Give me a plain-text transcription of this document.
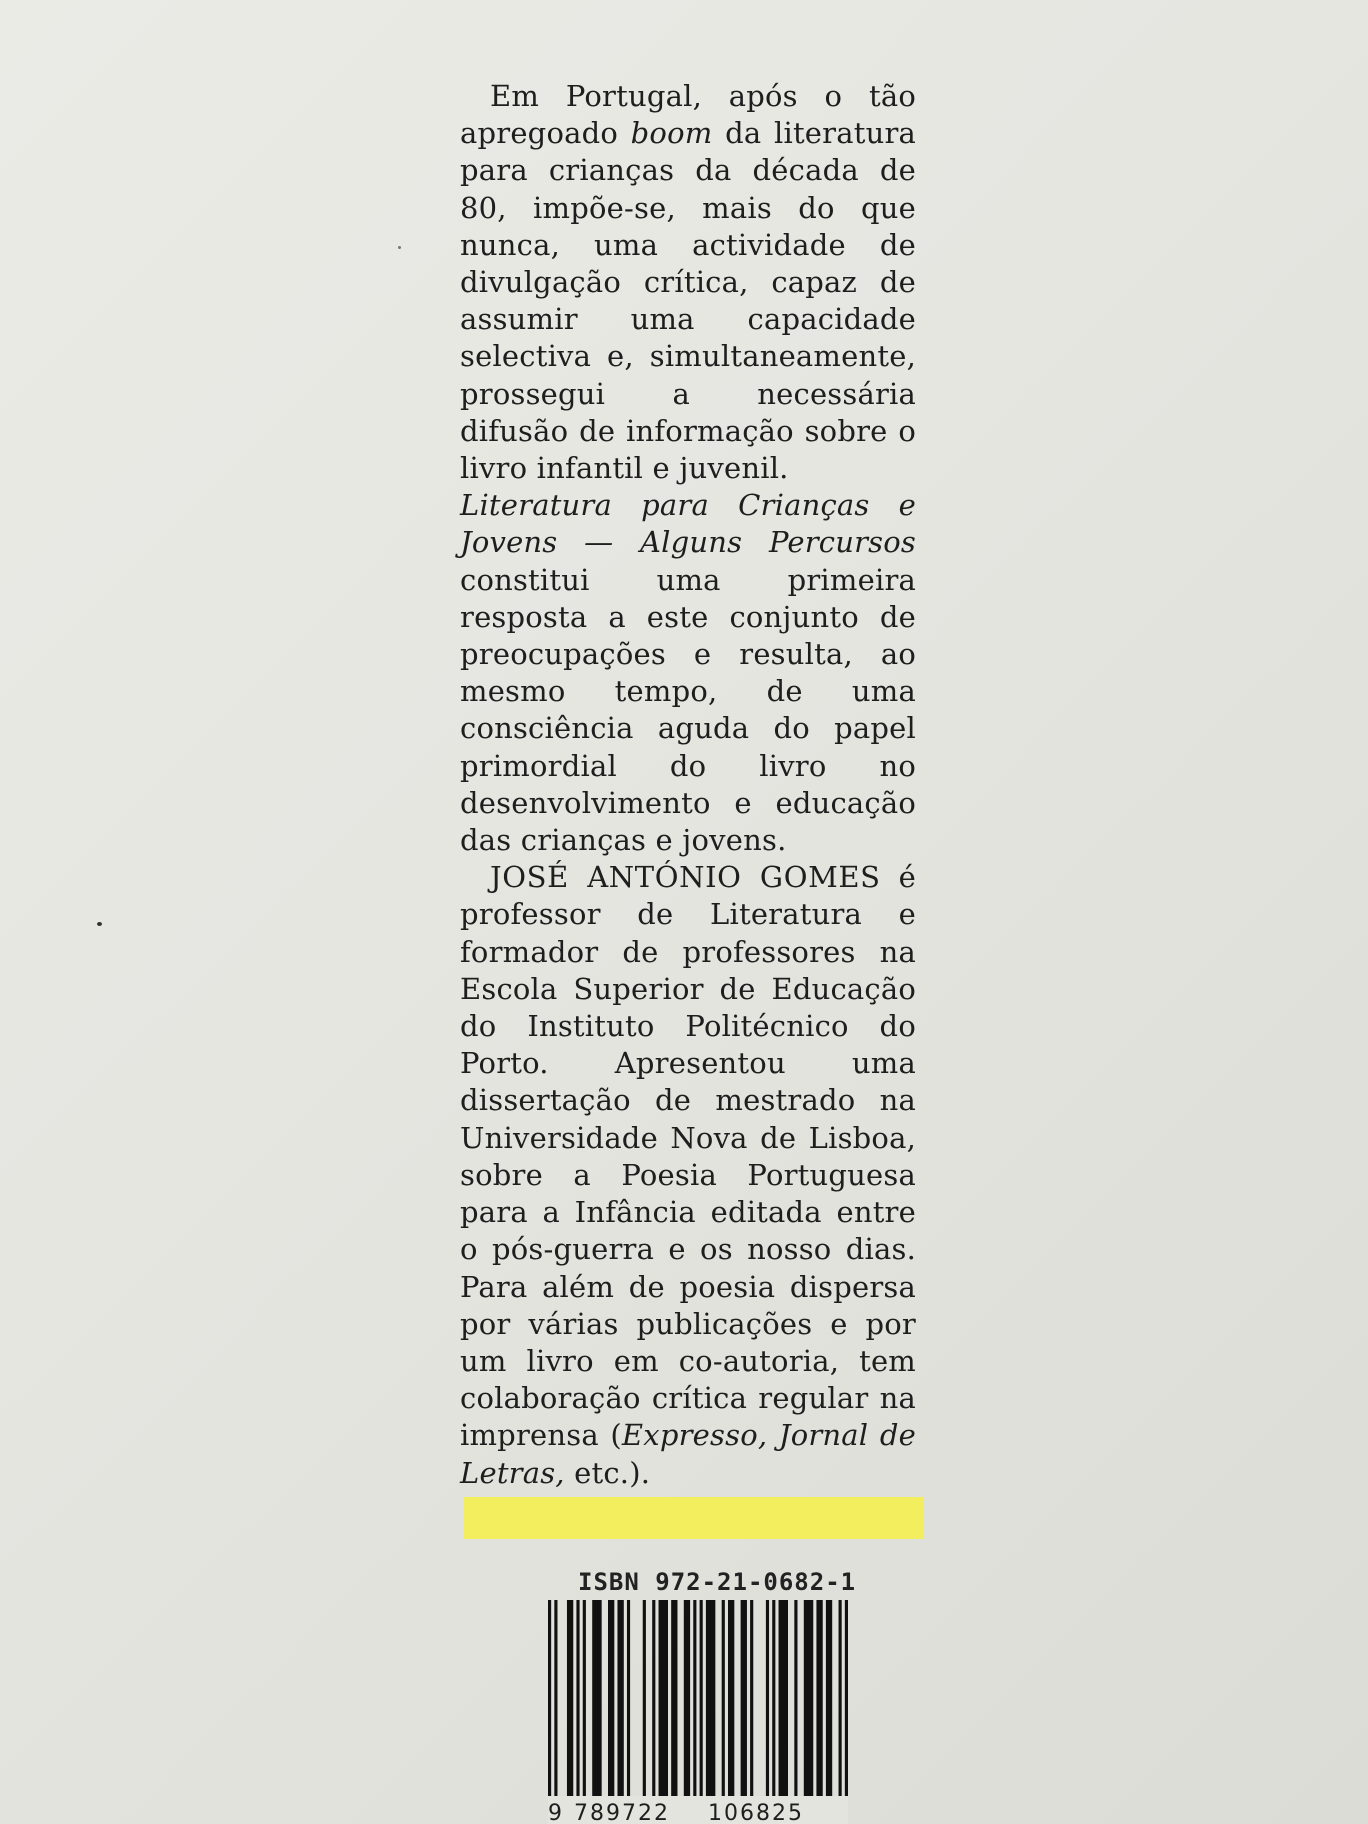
Em Portugal, após o tão apregoado boom da literatura para crianças da década de 80, impõe-se, mais do que nunca, uma actividade de divulgação crítica, capaz de assumir uma capacidade selectiva e, simultaneamente, prossegui a necessária difusão de informação sobre o livro infantil e juvenil.

Literatura para Crianças e Jovens — Alguns Percursos constitui uma primeira resposta a este conjunto de preocupações e resulta, ao mesmo tempo, de uma consciência aguda do papel primordial do livro no desenvolvimento e educação das crianças e jovens.

JOSÉ ANTÓNIO GOMES é professor de Literatura e formador de professores na Escola Superior de Educação do Instituto Politécnico do Porto. Apresentou uma dissertação de mestrado na Universidade Nova de Lisboa, sobre a Poesia Portuguesa para a Infância editada entre o pós-guerra e os nosso dias. Para além de poesia dispersa por várias publicações e por um livro em co-autoria, tem colaboração crítica regular na imprensa (Expresso, Jornal de Letras, etc.).

ISBN 972-21-0682-1
9 789722 106825
